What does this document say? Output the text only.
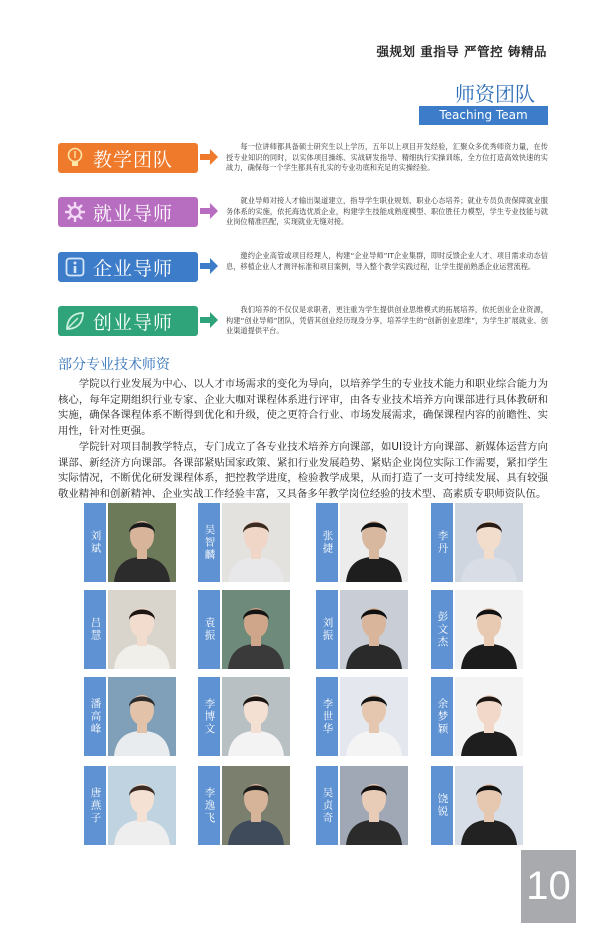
强规划 重指导 严管控 铸精品
师资团队
Teaching Team
教学团队
每一位讲师都具备硕士研究生以上学历，五年以上项目开发经验，汇聚众多优秀师资力量，在传授专业知识的同时，以实体项目操练、实战研发指导、精细执行实操训练，全方位打造高效快速的实战力，确保每一个学生都具有扎实的专业功底和充足的实操经验。
就业导师
就业导师对接人才输出渠道建立，指导学生职业规划、职业心态培养；就业专员负责保障就业服务体系的实施，依托海选优质企业，构建学生技能成熟度模型、职位胜任力模型，学生专业技能与就业岗位精准匹配，实现就业无缝对接。
企业导师
邀约企业高管或项目经理人，构建“企业导师”IT企业集群，即时反馈企业人才、项目需求动态信息，移植企业人才测评标准和项目案例，导入整个教学实践过程，让学生提前熟悉企业运营流程。
创业导师
我们培养的不仅仅是求职者，更注重为学生提供创业思维模式的拓展培养，依托创业企业资源，构建“创业导师”团队，凭借其创业经历现身分享，培养学生的“创新创业思维”，为学生扩展就业、创业渠道提供平台。
部分专业技术师资
学院以行业发展为中心、以人才市场需求的变化为导向，以培养学生的专业技术能力和职业综合能力为核心，每年定期组织行业专家、企业大咖对课程体系进行评审，由各专业技术培养方向课部进行具体教研和实施，确保各课程体系不断得到优化和升级，使之更符合行业、市场发展需求，确保课程内容的前瞻性、实用性，针对性更强。
学院针对项目制教学特点，专门成立了各专业技术培养方向课部，如UI设计方向课部、新媒体运营方向课部、新经济方向课部。各课部紧贴国家政策、紧扣行业发展趋势、紧贴企业岗位实际工作需要，紧扣学生实际情况，不断优化研发课程体系，把控教学进度，检验教学成果，从而打造了一支可持续发展、具有较强敬业精神和创新精神、企业实战工作经验丰富，又具备多年教学岗位经验的技术型、高素质专职师资队伍。
刘斌	吴智麟	张捷	李丹
吕慧	袁振	刘振	彭文杰
潘高峰	李博文	李世华	余梦颖
唐燕子	李逸飞	吴贞奇	饶锐
10
